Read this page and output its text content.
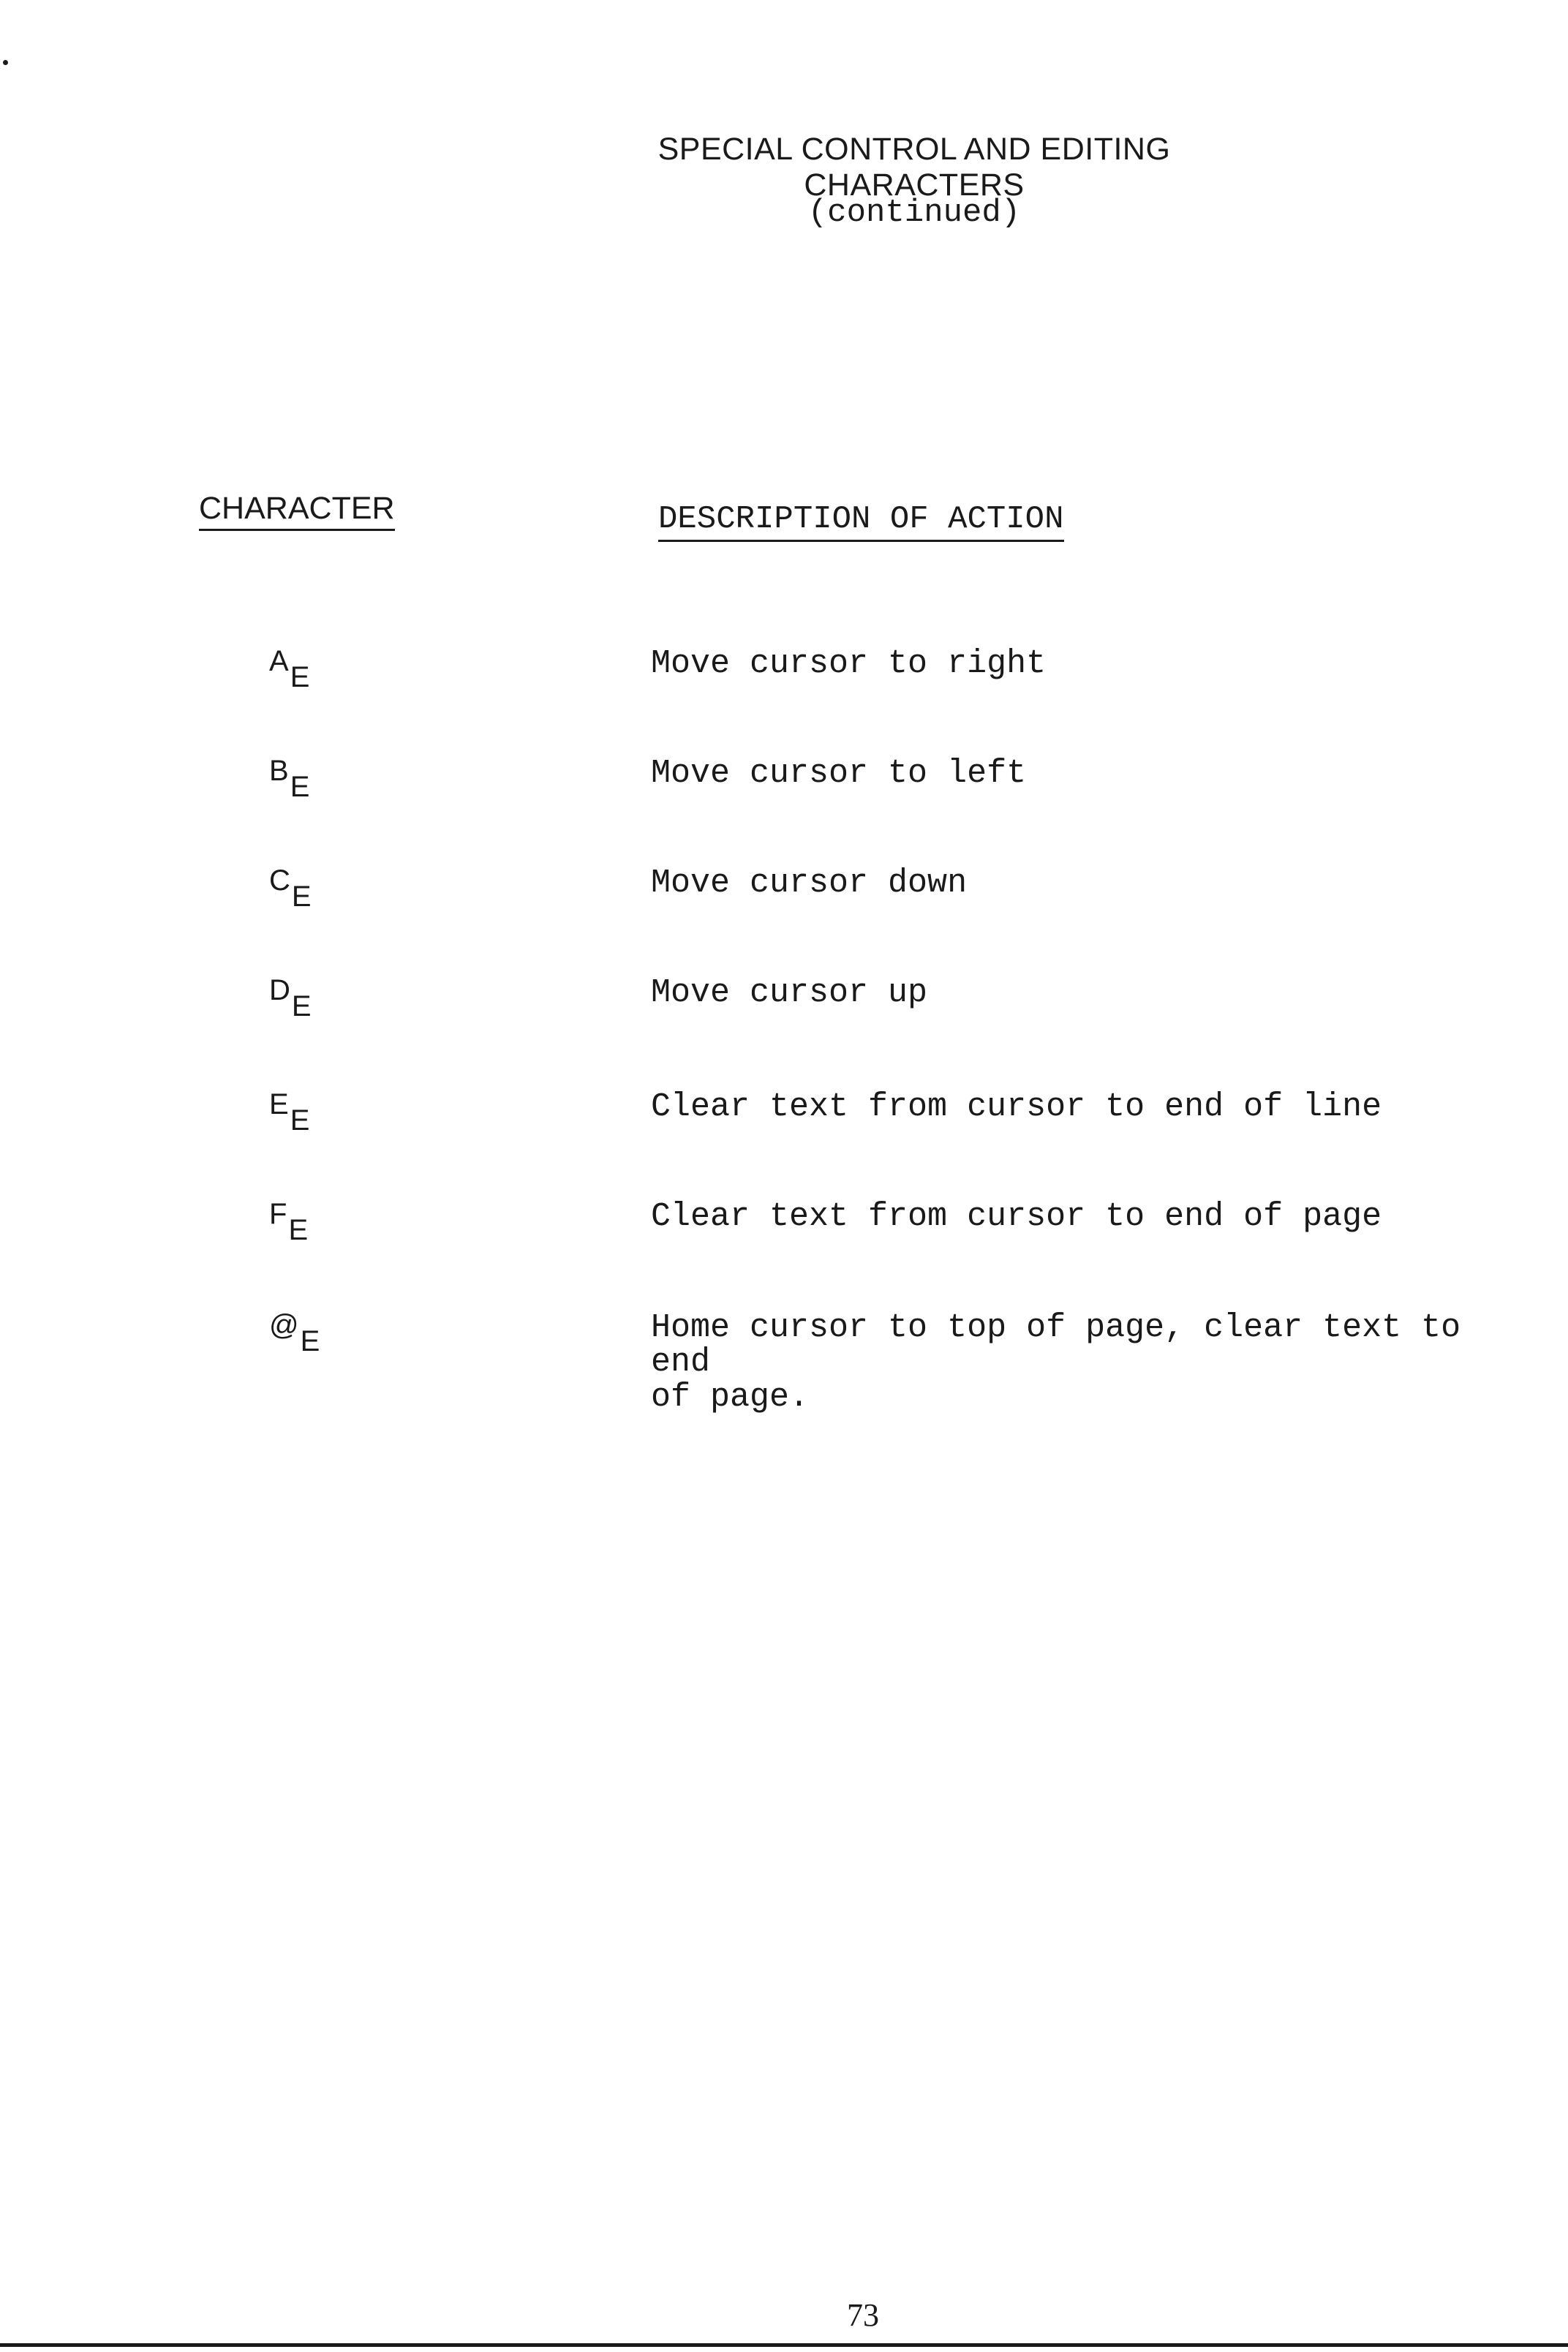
SPECIAL CONTROL AND EDITING CHARACTERS

(continued)

CHARACTER	DESCRIPTION OF ACTION
AE	Move cursor to right
BE	Move cursor to left
CE	Move cursor down
DE	Move cursor up
EE	Clear text from cursor to end of line
FE	Clear text from cursor to end of page
@E	Home cursor to top of page, clear text to end
of page.
73
